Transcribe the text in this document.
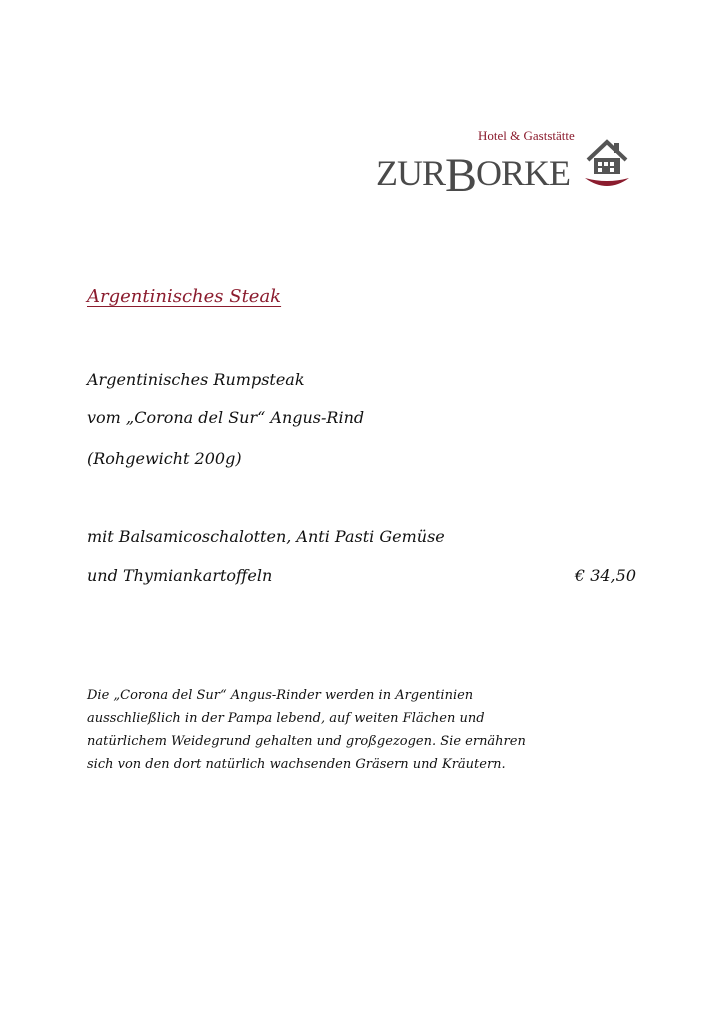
Hotel & Gaststätte
ZURBORKE
Argentinisches Steak
Argentinisches Rumpsteak
vom „Corona del Sur“ Angus-Rind
(Rohgewicht 200g)
mit Balsamicoschalotten, Anti Pasti Gemüse
und Thymiankartoffeln	€ 34,50
Die „Corona del Sur“ Angus-Rinder werden in Argentinien
ausschließlich in der Pampa lebend, auf weiten Flächen und
natürlichem Weidegrund gehalten und großgezogen. Sie ernähren
sich von den dort natürlich wachsenden Gräsern und Kräutern.
